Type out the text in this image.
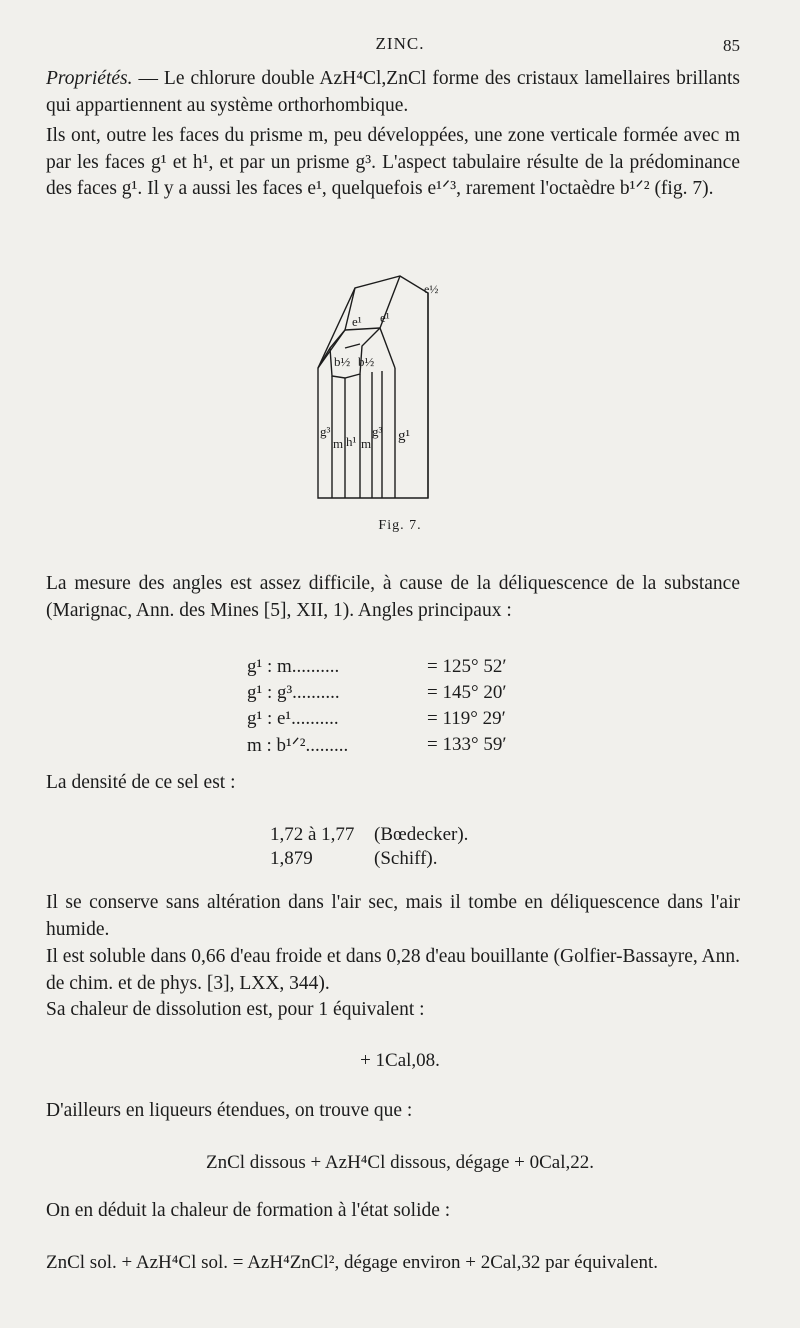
ZINC.	85

Propriétés. — Le chlorure double AzH⁴Cl,ZnCl forme des cristaux lamellaires brillants qui appartiennent au système orthorhombique.

Ils ont, outre les faces du prisme m, peu développées, une zone verticale formée avec m par les faces g¹ et h¹, et par un prisme g³. L'aspect tabulaire résulte de la prédominance des faces g¹. Il y a aussi les faces e¹, quelquefois e¹ᐟ³, rarement l'octaèdre b¹ᐟ² (fig. 7).

e½
e¹ e¹
b½ b½
g³
m h¹ m
g³ g¹
Fig. 7.

La mesure des angles est assez difficile, à cause de la déliquescence de la substance (Marignac, Ann. des Mines [5], XII, 1). Angles principaux :

g¹ : m..........	= 125° 52′
g¹ : g³..........	= 145° 20′
g¹ : e¹..........	= 119° 29′
m : b¹ᐟ².........	= 133° 59′

La densité de ce sel est :

1,72 à 1,77 (Bœdecker).
1,879	(Schiff).

Il se conserve sans altération dans l'air sec, mais il tombe en déliquescence dans l'air humide.

Il est soluble dans 0,66 d'eau froide et dans 0,28 d'eau bouillante (Golfier-Bassayre, Ann. de chim. et de phys. [3], LXX, 344).

Sa chaleur de dissolution est, pour 1 équivalent :

+ 1Cal,08.

D'ailleurs en liqueurs étendues, on trouve que :

ZnCl dissous + AzH⁴Cl dissous, dégage + 0Cal,22.

On en déduit la chaleur de formation à l'état solide :

ZnCl sol. + AzH⁴Cl sol. = AzH⁴ZnCl², dégage environ + 2Cal,32 par équivalent.
